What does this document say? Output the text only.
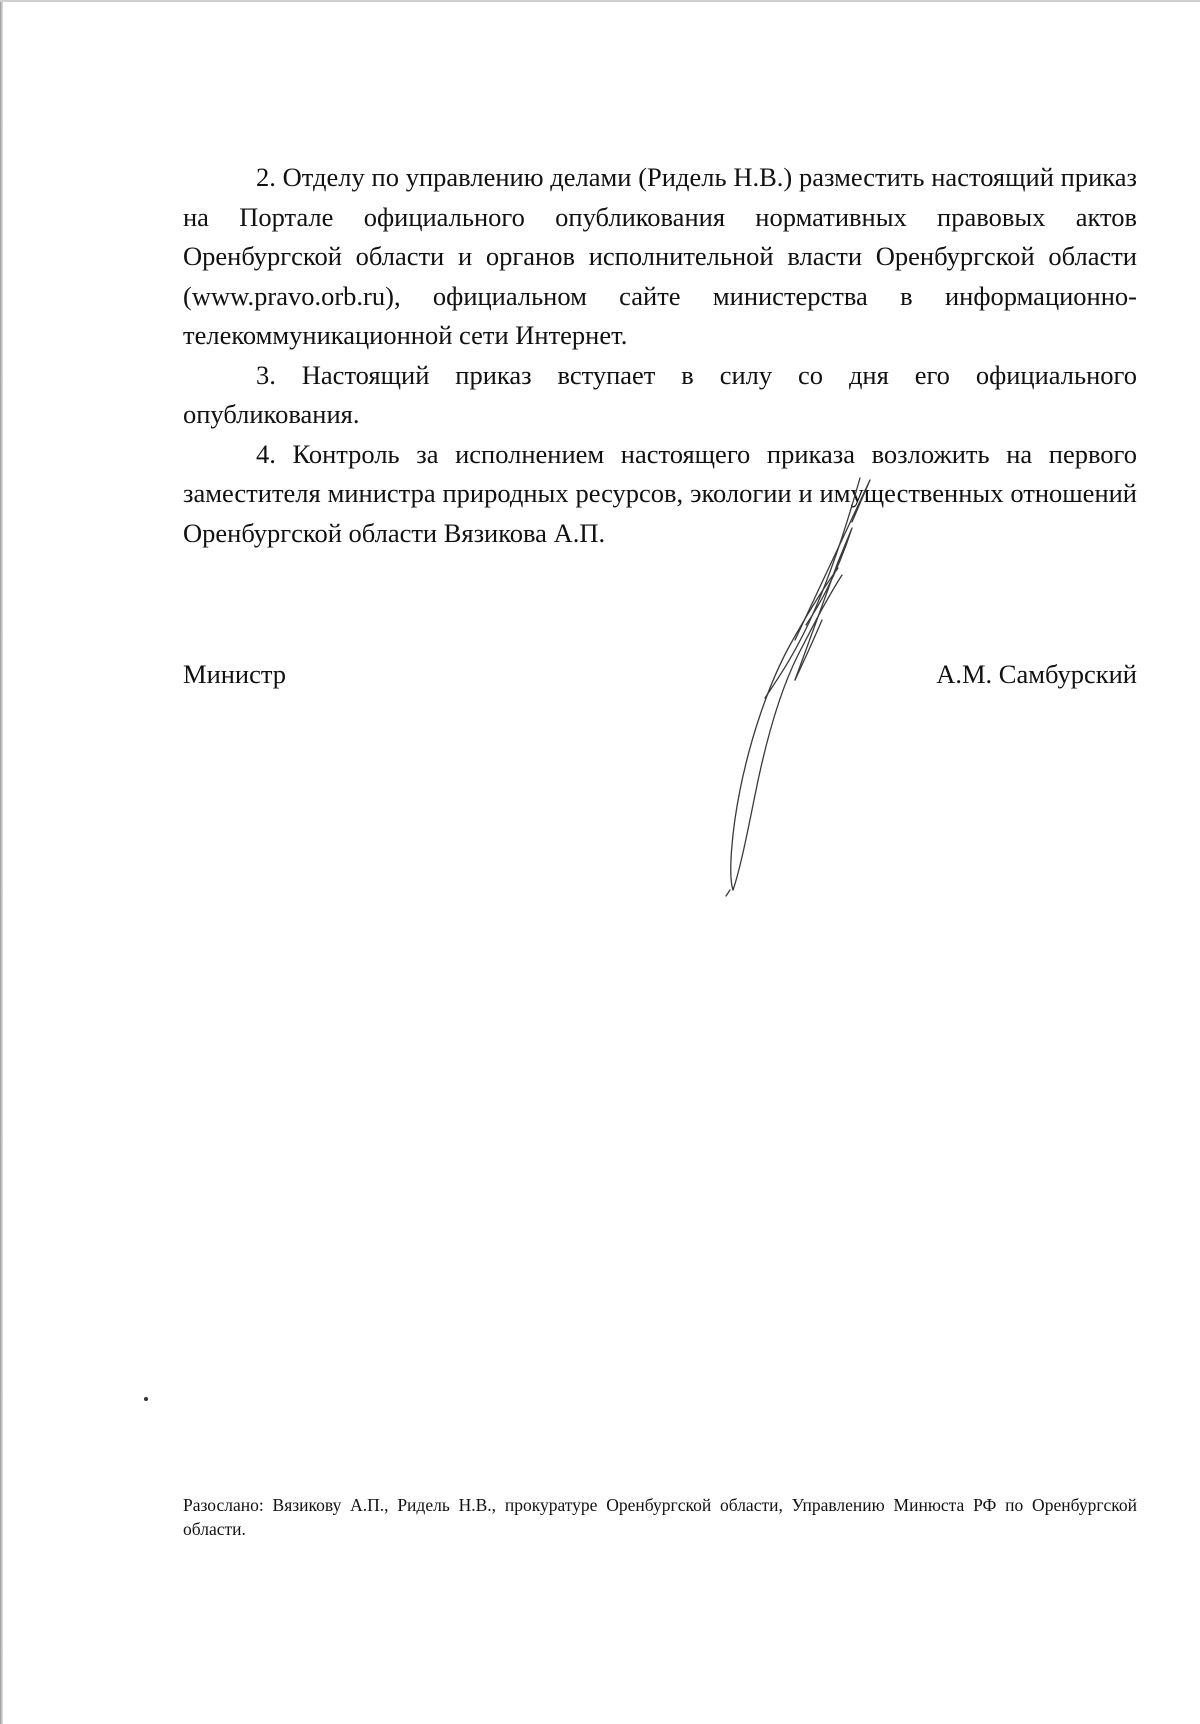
2. Отделу по управлению делами (Ридель Н.В.) разместить настоящий приказ на Портале официального опубликования нормативных правовых актов Оренбургской области и органов исполнительной власти Оренбургской области (www.pravo.orb.ru), официальном сайте министерства в информационно-телекоммуникационной сети Интернет.

3. Настоящий приказ вступает в силу со дня его официального опубликования.

4. Контроль за исполнением настоящего приказа возложить на первого заместителя министра природных ресурсов, экологии и имущественных отношений Оренбургской области Вязикова А.П.

Министр	А.М. Самбурский
Разослано: Вязикову А.П., Ридель Н.В., прокуратуре Оренбургской области, Управлению Минюста РФ по Оренбургской области.
